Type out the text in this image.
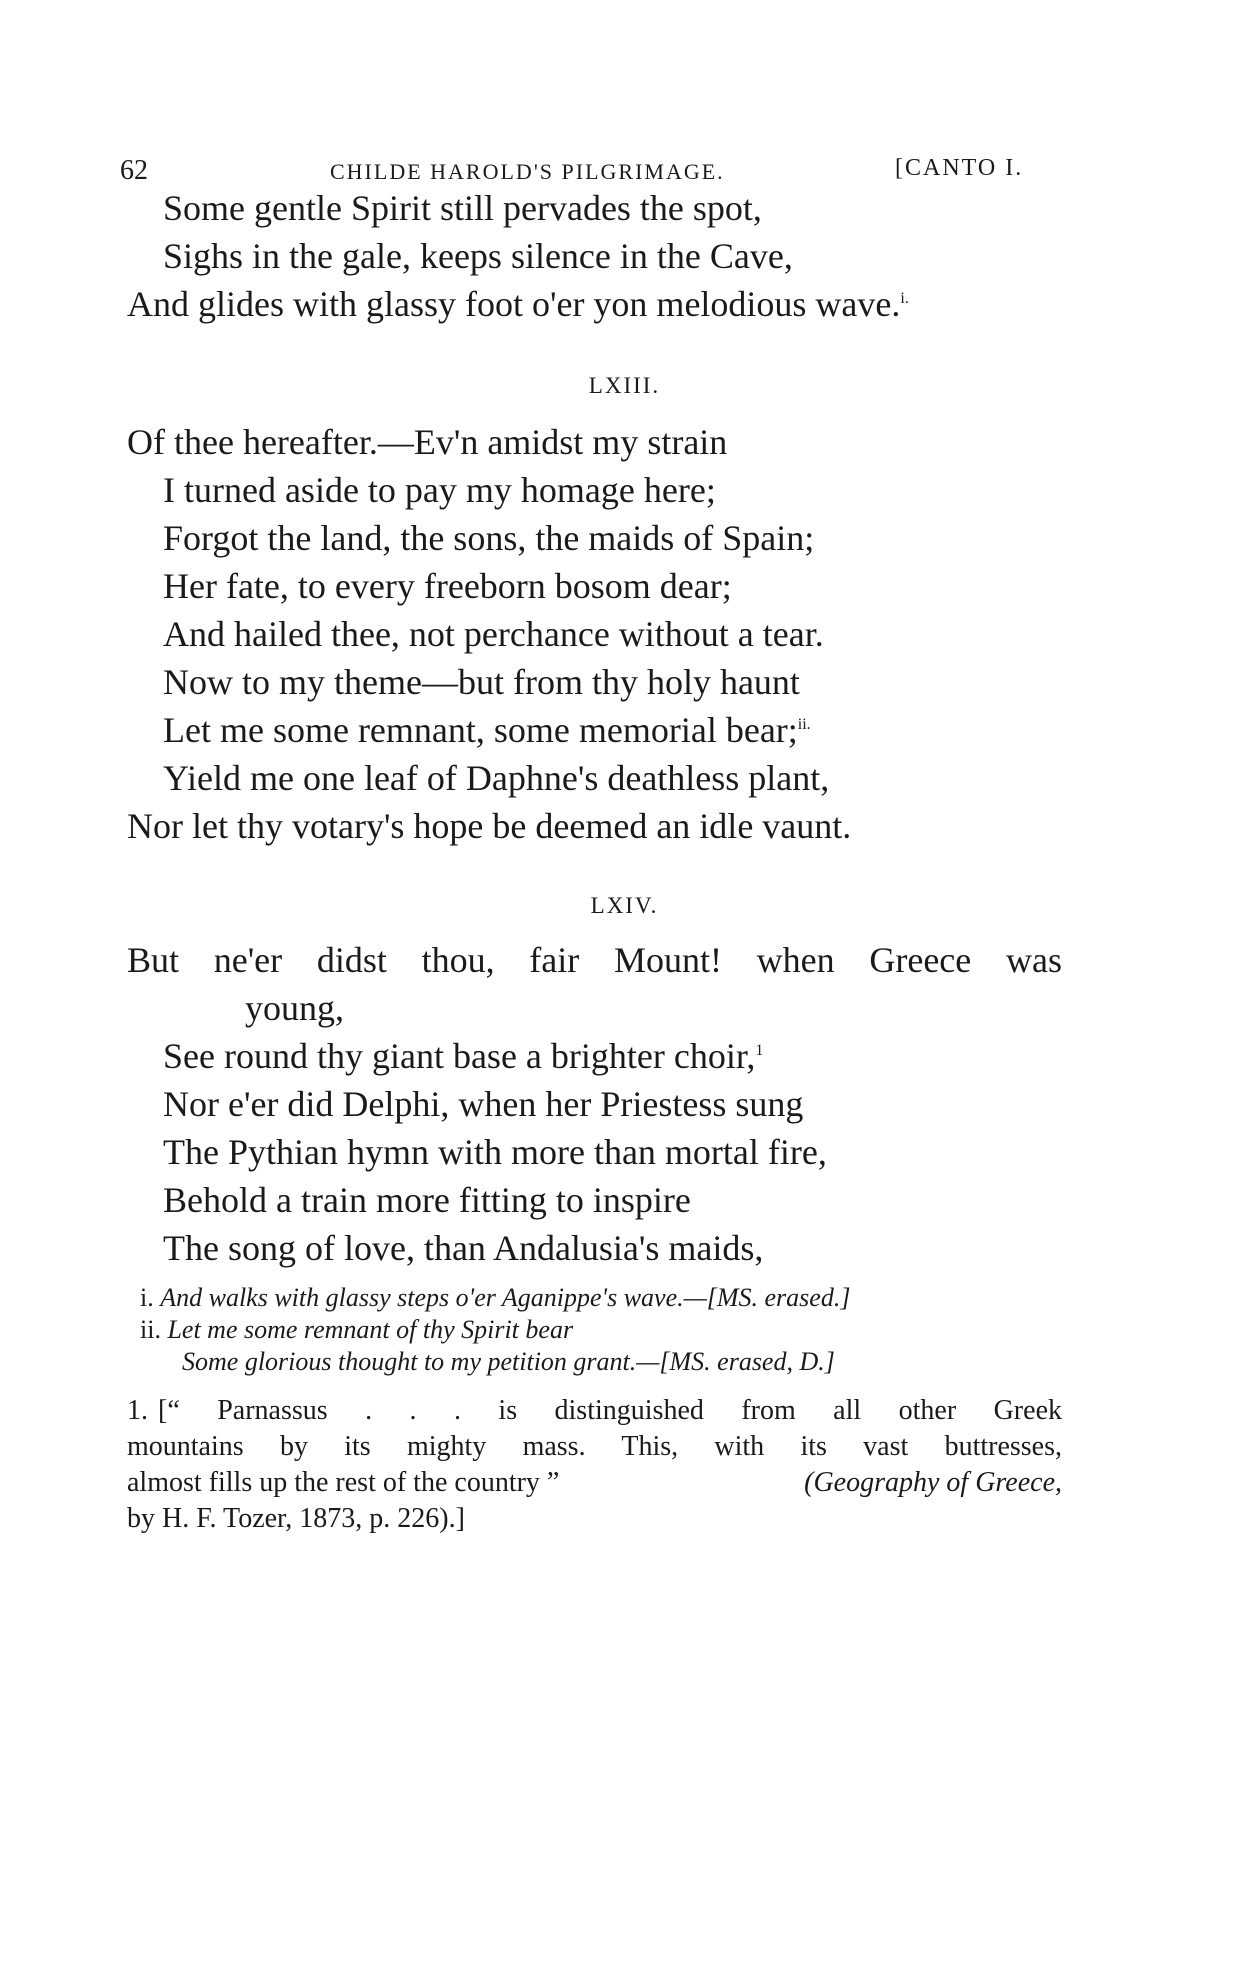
62	CHILDE HAROLD'S PILGRIMAGE.	[CANTO I.
Some gentle Spirit still pervades the spot,
Sighs in the gale, keeps silence in the Cave,
And glides with glassy foot o'er yon melodious wave.$^{i.}$
LXIII.
Of thee hereafter.—Ev'n amidst my strain
I turned aside to pay my homage here;
Forgot the land, the sons, the maids of Spain;
Her fate, to every freeborn bosom dear;
And hailed thee, not perchance without a tear.
Now to my theme—but from thy holy haunt
Let me some remnant, some memorial bear;$^{ii.}$
Yield me one leaf of Daphne's deathless plant,
Nor let thy votary's hope be deemed an idle vaunt.
LXIV.
But ne'er didst thou, fair Mount! when Greece was
young,
See round thy giant base a brighter choir,$^1$
Nor e'er did Delphi, when her Priestess sung
The Pythian hymn with more than mortal fire,
Behold a train more fitting to inspire
The song of love, than Andalusia's maids,
i. And walks with glassy steps o'er Aganippe's wave.—[MS. erased.]
ii. Let me some remnant of thy Spirit bear
Some glorious thought to my petition grant.—[MS. erased, D.]
1. [“ Parnassus . . . is distinguished from all other Greek
mountains by its mighty mass. This, with its vast buttresses,
almost fills up the rest of the country ”	(Geography of Greece,
by H. F. Tozer, 1873, p. 226).]
